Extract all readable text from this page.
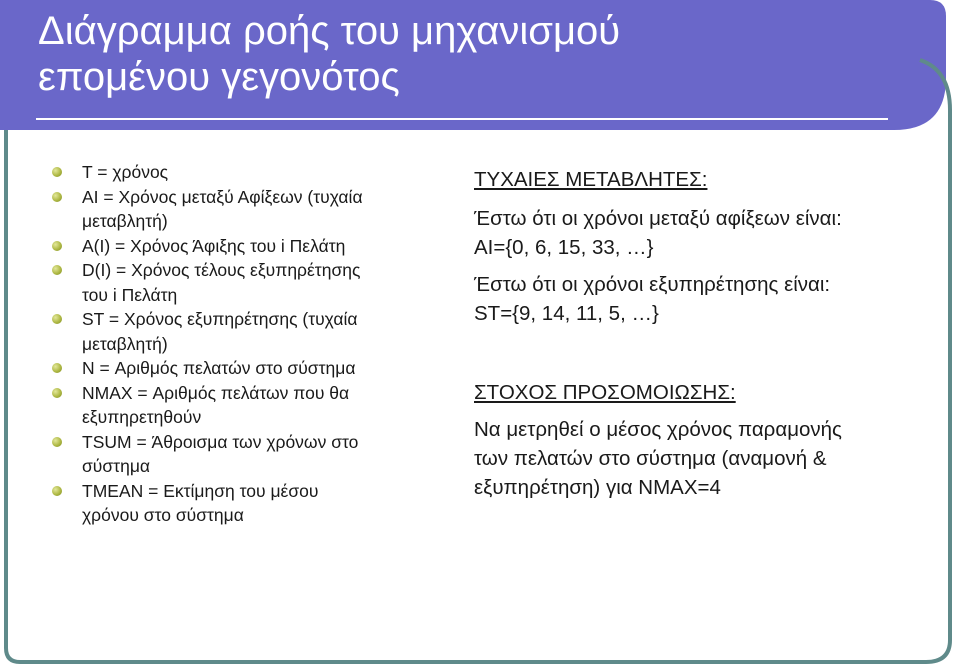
Διάγραμμα ροής του μηχανισμού
επομένου γεγονότος
T = χρόνος
AI = Χρόνος μεταξύ Αφίξεων (τυχαία
μεταβλητή)
A(I) = Χρόνος Άφιξης του i Πελάτη
D(I) = Χρόνος τέλους εξυπηρέτησης
του i Πελάτη
ST = Χρόνος εξυπηρέτησης (τυχαία
μεταβλητή)
N = Αριθμός πελατών στο σύστημα
NMAX = Αριθμός πελάτων που θα
εξυπηρετηθούν
TSUM = Άθροισμα των χρόνων στο
σύστημα
TMEAN = Εκτίμηση του μέσου
χρόνου στο σύστημα

ΤΥΧΑΙΕΣ ΜΕΤΑΒΛΗΤΕΣ:

Έστω ότι οι χρόνοι μεταξύ αφίξεων είναι:

AI={0, 6, 15, 33, …}

Έστω ότι οι χρόνοι εξυπηρέτησης είναι:

ST={9, 14, 11, 5, …}

ΣΤΟΧΟΣ ΠΡΟΣΟΜΟΙΩΣΗΣ:

Να μετρηθεί ο μέσος χρόνος παραμονής

των πελατών στο σύστημα (αναμονή &

εξυπηρέτηση) για NMAX=4
